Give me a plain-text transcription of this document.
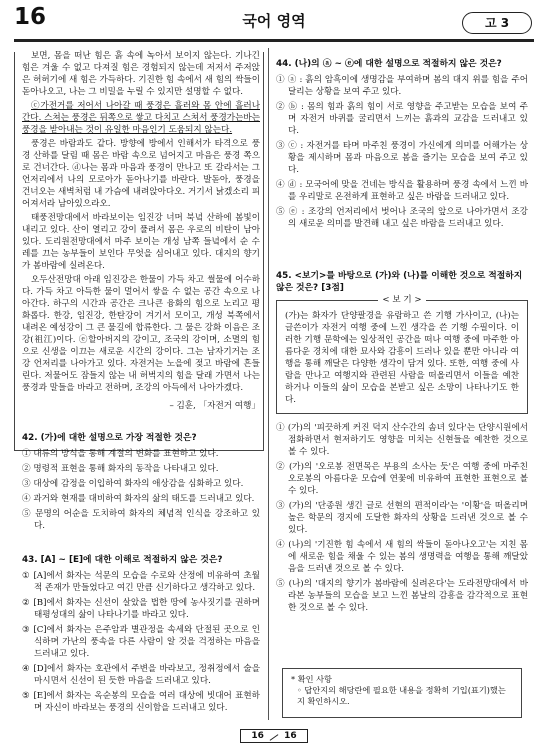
16	국어 영역	고 3

보면, 몸을 떠난 힘은 흙 속에 녹아서 보이지 않는다. 기나긴 힘은 겨울 수 없고 다져질 힘은 경험되지 않는데 저저서 주저앉은 허허기에 새 힘은 가득하다. 기진한 힘 속에서 새 힘의 싹들이 돋아나오고, 나는 그 비밀을 누릴 수 있지만 설명할 수 없다.

ⓒ가전거를 저어서 나아갈 때 풍경은 흘러와 몸 안에 흘러나간다. 스쳐는 풍경은 뒤쪽으로 쌓고 다치고 스쳐서 풍경가는바는 풍경을 받아내는 것이 유일한 마음인기 도움되지 않는다.

풍경은 바람과도 같다. 방향에 방에서 인해서가 타격으로 풍경 산하를 달림 때 몸은 바람 속으로 넘어지고 마음은 풍경 쪽으로 건너간다. ⓓ나는 몸과 마음과 풍경이 만나고 또 갈라서는 그 언저리에서 나의 모로아가 돋아나기를 바란다. 발돋아, 풍경을 건너오는 새벽처럼 내 가슴에 내려앉아다오. 거기서 낡겠소리 피어져서라 남아있으라오.

태풍전망대에서 바라보이는 임진강 너머 북녘 산하에 봄빛이 내리고 있다. 산이 열리고 강이 풀려서 몸은 우로의 비탄이 남아 있다. 도리원전망대에서 마주 보이는 개성 남쪽 들녘에서 순 수레를 끄는 농부들이 보인다 무엇을 심어내고 있다. 대지의 향기가 봄바람에 실려온다.

오두산전망대 아래 임진강은 한물이 가득 차고 썰물에 어수하다. 가득 차고 아득한 물이 멀어서 쌓을 수 없는 공간 속으로 나아간다. 하구의 시간과 공간은 크나큰 융화의 힘으로 노리고 평화롭다. 한강, 임진강, 한탄강이 겨기서 모이고, 개성 북쪽에서 내려온 예성강이 그 큰 물길에 합류한다. 그 물은 강화 이음은 조강(祖江)이다. ⓔ할아버지의 강이고, 조국의 강이며, 소멸의 힘으로 신생을 이끄는 새로운 시간의 강이다. 그는 남자기거는 조강 언저리를 나아가고 있다. 자전거는 노을에 젖고 바람에 흔들린다. 저물어도 잠들지 않는 내 허벅지의 힘을 달래 가면서 나는 풍경과 말들을 바라고 전하며, 조강의 아득에서 나아가겠다.

– 김훈, 「자전거 여행」
42. (가)에 대한 설명으로 가장 적절한 것은?
① 대류의 방식을 통해 계절의 변화를 표현하고 있다.
② 명령적 표현을 통해 화자의 동작을 나타내고 있다.
③ 대상에 감정을 이입하여 화자의 애상감을 심화하고 있다.
④ 과거와 현재를 대비하여 화자의 삶의 태도를 드러내고 있다.
⑤ 문명의 어순을 도치하여 화자의 체념적 인식을 강조하고 있다.
43. [A] ~ [E]에 대한 이해로 적절하지 않은 것은?
① [A]에서 화자는 석문의 모습을 수로와 산정에 비유하여 초월적 존재가 만들었다고 여긴 만큼 신기하다고 생각하고 있다.
② [B]에서 화자는 신선이 살았을 법한 땅에 농사짓기를 권하며 태평성대의 삶이 나타나기를 바라고 있다.
③ [C]에서 화자는 은주암과 별관정을 속세와 단절된 곳으로 인식하며 가난의 풍속을 다른 사람이 알 것을 걱정하는 마음을 드러내고 있다.
④ [D]에서 화자는 호관에서 주변을 바라보고, 정취정에서 술을 마시면서 신선이 된 듯한 마음을 드러내고 있다.
⑤ [E]에서 화자는 옥순봉의 모습을 여러 대상에 빗대어 표현하며 자신이 바라보는 풍경의 신이함을 드러내고 있다.
44. (나)의 ⓐ ~ ⓔ에 대한 설명으로 적절하지 않은 것은?
① ⓐ : 흙의 암흑이에 생명감을 부여하며 봄의 대지 위를 힘을 주어 달리는 상황을 보여 주고 있다.
② ⓑ : 몸의 힘과 흙의 힘이 서로 영향을 주고받는 모습을 보여 주며 자전거 바퀴를 굴리면서 느끼는 흙과의 교감을 드러내고 있다.
③ ⓒ : 자전거를 타며 마주친 풍경이 가신에게 의미를 어해가는 상황을 제시하며 몸과 마음으로 봄을 즐기는 모습을 보여 주고 있다.
④ ⓓ : 모국어에 맞을 건네는 방식을 활용하며 풍경 속에서 느낀 바를 우리말로 온전하게 표현하고 싶은 바람을 드러내고 있다.
⑤ ⓔ : 조강의 언저리에서 벗어나 조국의 앞으로 나아가면서 조강의 새로운 의미를 발견해 내고 싶은 바람을 드러내고 있다.
45. <보기>를 바탕으로 (가)와 (나)를 이해한 것으로 적절하지 않은 것은? [3점]
< 보 기 >
(가)는 화자가 단양팔경을 유람하고 쓴 기행 가사이고, (나)는 글쓴이가 자전거 여행 중에 느낀 생각을 쓴 기행 수필이다. 이러한 기행 문학에는 일상적인 공간을 떠나 여행 중에 마주한 아름다운 경치에 대한 묘사와 감흥이 드러나 있을 뿐만 아니라 여행을 통해 깨달은 다양한 생각이 담겨 있다. 또한, 여행 중에 사람을 만나고 여행지와 관련된 사람을 떠올리면서 이들을 예찬하거나 이들의 삶이 모습을 본받고 싶은 소망이 나타나기도 한다.
① (가)의 '피끗하게 커진 덕지 산수간의 솜녀 있다'는 단양시원에서 점화하면서 현저하기도 영향을 미치는 신현들을 예찬한 것으로 볼 수 있다.
② (가)의 '오로봉 전면목은 부용의 소사는 듯'은 여행 중에 마주친 오로봉의 아름다운 모습에 연꽃에 비유하여 표현한 표현으로 볼 수 있다.
③ (가)의 '단종원 생긴 글로 선현의 편적이라'는 '이황'을 떠올리며 높은 학문의 경지에 도달한 화자의 상황을 드러낸 것으로 볼 수 있다.
④ (나)의 '기진한 힘 속에서 새 힘의 싹들이 돋아나오고'는 지친 몸에 새로운 힘을 채울 수 있는 봄의 생명력을 여행을 통해 깨달았음을 드러낸 것으로 볼 수 있다.
⑤ (나)의 '대지의 향기가 봄바람에 실려온다'는 도라전망대에서 바라본 농부들의 모습을 보고 느낀 봄날의 감흥을 감각적으로 표현한 것으로 볼 수 있다.
* 확인 사항
◦ 답안지의 해당란에 필요한 내용을 정확히 기입(표기)했는지 확인하시오.
16 16
